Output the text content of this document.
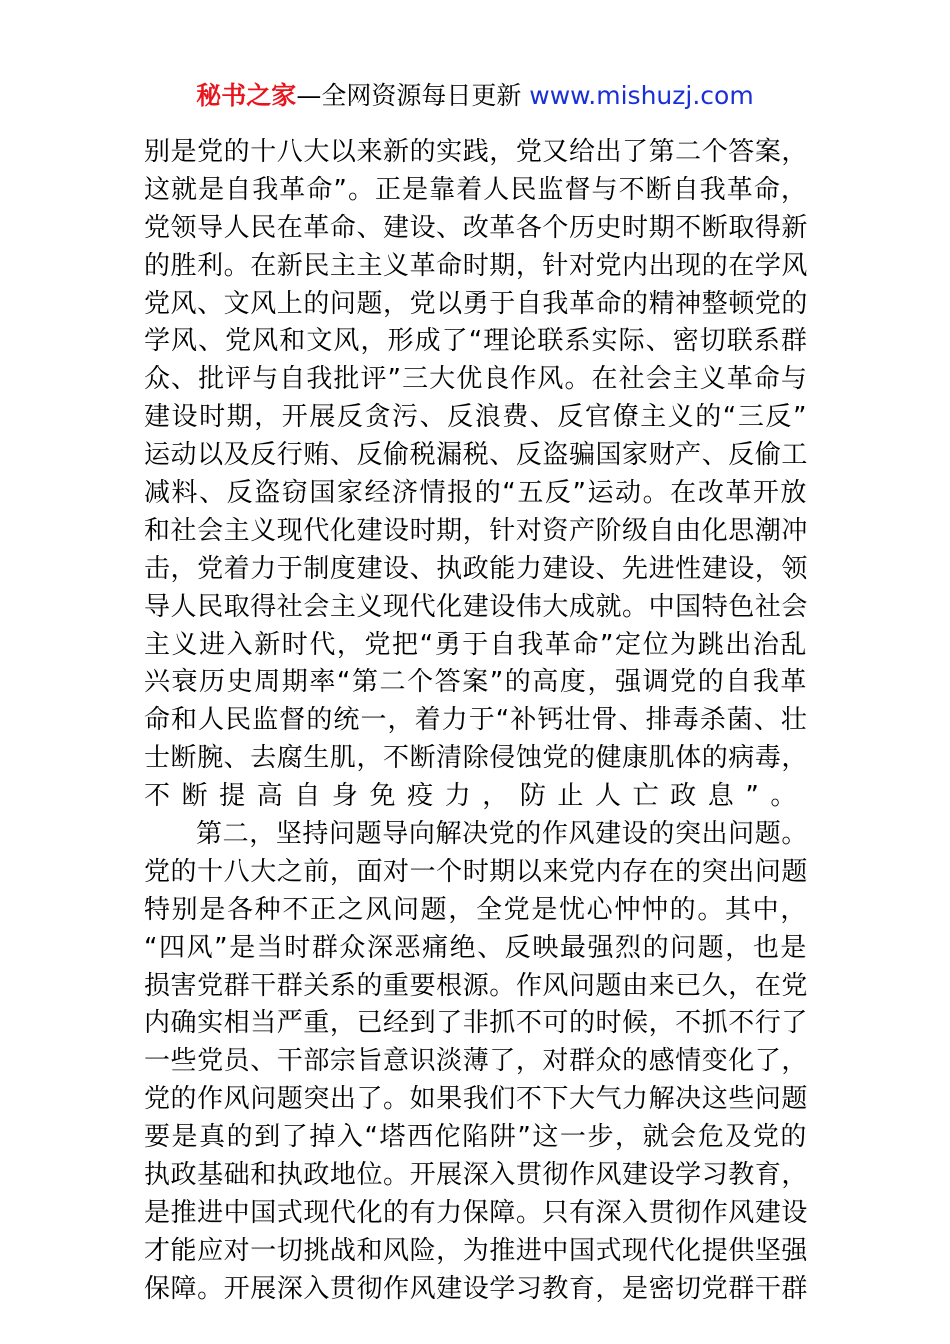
秘书之家—全网资源每日更新 www.mishuzj.com
别是党的十八大以来新的实践，党又给出了第二个答案，
这就是自我革命”。正是靠着人民监督与不断自我革命，
党领导人民在革命、建设、改革各个历史时期不断取得新
的胜利。在新民主主义革命时期，针对党内出现的在学风
党风、文风上的问题，党以勇于自我革命的精神整顿党的
学风、党风和文风，形成了“理论联系实际、密切联系群
众、批评与自我批评”三大优良作风。在社会主义革命与
建设时期，开展反贪污、反浪费、反官僚主义的“三反”
运动以及反行贿、反偷税漏税、反盗骗国家财产、反偷工
减料、反盗窃国家经济情报的“五反”运动。在改革开放
和社会主义现代化建设时期，针对资产阶级自由化思潮冲
击，党着力于制度建设、执政能力建设、先进性建设，领
导人民取得社会主义现代化建设伟大成就。中国特色社会
主义进入新时代，党把“勇于自我革命”定位为跳出治乱
兴衰历史周期率“第二个答案”的高度，强调党的自我革
命和人民监督的统一，着力于“补钙壮骨、排毒杀菌、壮
士断腕、去腐生肌，不断清除侵蚀党的健康肌体的病毒，
不断提高自身免疫力，防止人亡政息”。
第二，坚持问题导向解决党的作风建设的突出问题。
党的十八大之前，面对一个时期以来党内存在的突出问题
特别是各种不正之风问题，全党是忧心忡忡的。其中，
“四风”是当时群众深恶痛绝、反映最强烈的问题，也是
损害党群干群关系的重要根源。作风问题由来已久，在党
内确实相当严重，已经到了非抓不可的时候，不抓不行了
一些党员、干部宗旨意识淡薄了，对群众的感情变化了，
党的作风问题突出了。如果我们不下大气力解决这些问题
要是真的到了掉入“塔西佗陷阱”这一步，就会危及党的
执政基础和执政地位。开展深入贯彻作风建设学习教育，
是推进中国式现代化的有力保障。只有深入贯彻作风建设
才能应对一切挑战和风险，为推进中国式现代化提供坚强
保障。开展深入贯彻作风建设学习教育，是密切党群干群
